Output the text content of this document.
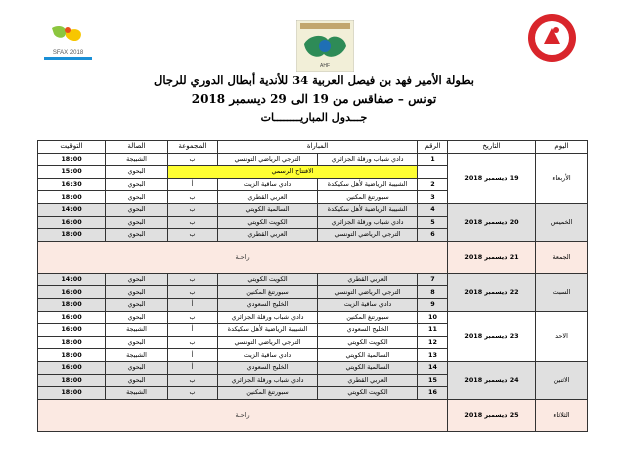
SFAX 2018
AHF
بطولة الأمير فهد بن فيصل العربية 34 للأندية أبطال الدوري للرجال
تونس – صفاقس من 19 الى 29 ديسمبر 2018
جـــدول المباريــــــــات
اليوم	التاريخ	الرقم	المباراة		المجموعة	الصالة	التوقيت
الأربعاء	19 ديسمبر 2018	1	دادي شباب ورقلة الجزائري	الترجي الرياضي التونسي	ب	الشبيجة	18:00
			الافتتاح الرسمي			البحوي	15:00
		2	الشبيبة الرياضية لأهل سكيكدة	دادي ساقية الزيت	أ	البحوي	16:30
		3	سبورتنغ المكنين	العربي القطري	ب	البحوي	18:00
الخميس	20 ديسمبر 2018	4	الشبيبة الرياضية لأهل سكيكدة	السالمية الكويتي	ب	البحوي	14:00
		5	دادي شباب ورقلة الجزائري	الكويت الكويتي	ب	البحوي	16:00
		6	الترجي الرياضي التونسي	العربي القطري	ب	البحوي	18:00
الجمعة	21 ديسمبر 2018	راحـة					
السبت	22 ديسمبر 2018	7	العربي القطري	الكويت الكويتي	ب	البحوي	14:00
		8	الترجي الرياضي التونسي	سبورتنغ المكنين	ب	البحوي	16:00
		9	دادي ساقية الزيت	الخليج السعودي	أ	البحوي	18:00
الاحد	23 ديسمبر 2018	10	سبورتنغ المكنين	دادي شباب ورقلة الجزائري	ب	البحوي	16:00
		11	الخليج السعودي	الشبيبة الرياضية لأهل سكيكدة	أ	الشبيجة	16:00
		12	الكويت الكويتي	الترجي الرياضي التونسي	ب	البحوي	18:00
		13	السالمية الكويتي	دادي ساقية الزيت	أ	الشبيجة	18:00
الاثنين	24 ديسمبر 2018	14	السالمية الكويتي	الخليج السعودي	أ	البحوي	16:00
		15	العربي القطري	دادي شباب ورقلة الجزائري	ب	البحوي	18:00
		16	الكويت الكويتي	سبورتنغ المكنين	ب	الشبيجة	18:00
الثلاثاء	25 ديسمبر 2018	راحـة					
